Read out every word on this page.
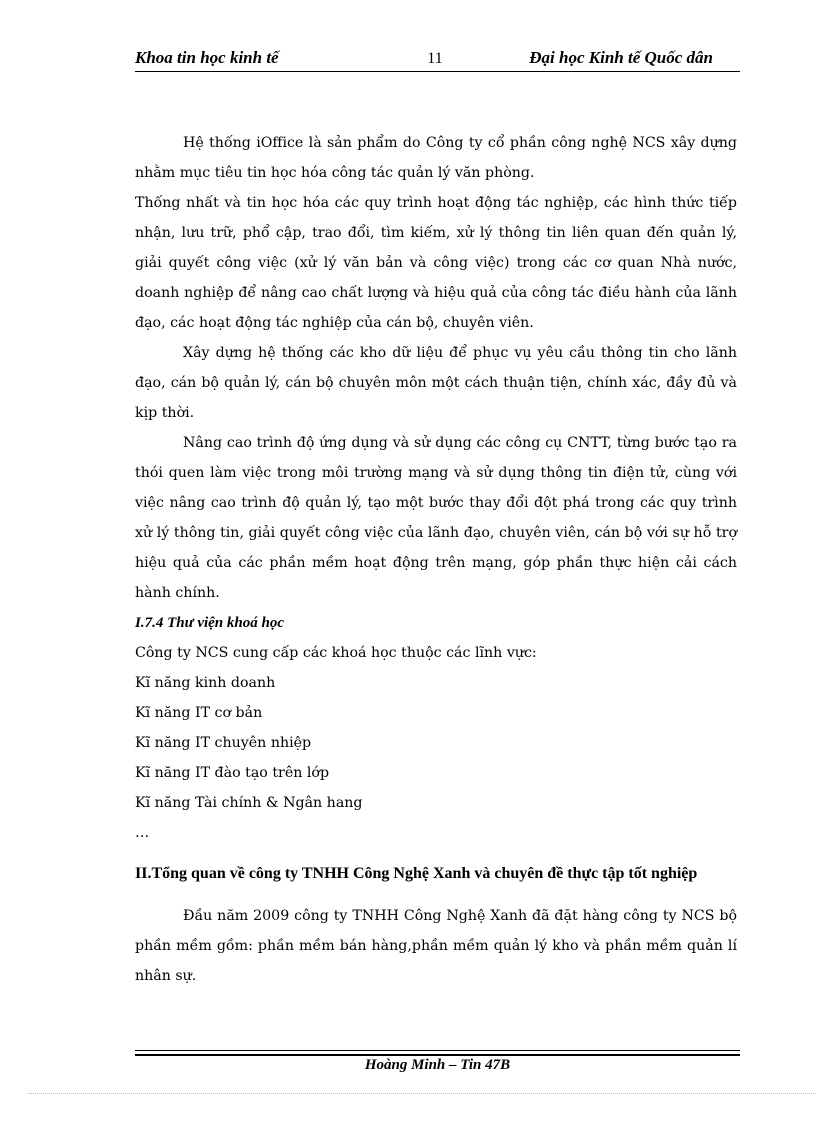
Khoa tin học kinh tế	11	Đại học Kinh tế Quốc dân

Hệ thống iOffice là sản phẩm do Công ty cổ phần công nghệ NCS xây dựng nhằm mục tiêu tin học hóa công tác quản lý văn phòng.

Thống nhất và tin học hóa các quy trình hoạt động tác nghiệp, các hình thức tiếp nhận, lưu trữ, phổ cập, trao đổi, tìm kiếm, xử lý thông tin liên quan đến quản lý, giải quyết công việc (xử lý văn bản và công việc) trong các cơ quan Nhà nước, doanh nghiệp để nâng cao chất lượng và hiệu quả của công tác điều hành của lãnh đạo, các hoạt động tác nghiệp của cán bộ, chuyên viên.

Xây dựng hệ thống các kho dữ liệu để phục vụ yêu cầu thông tin cho lãnh đạo, cán bộ quản lý, cán bộ chuyên môn một cách thuận tiện, chính xác, đầy đủ và kịp thời.

Nâng cao trình độ ứng dụng và sử dụng các công cụ CNTT, từng bước tạo ra thói quen làm việc trong môi trường mạng và sử dụng thông tin điện tử, cùng với việc nâng cao trình độ quản lý, tạo một bước thay đổi đột phá trong các quy trình xử lý thông tin, giải quyết công việc của lãnh đạo, chuyên viên, cán bộ với sự hỗ trợ hiệu quả của các phần mềm hoạt động trên mạng, góp phần thực hiện cải cách hành chính.

I.7.4 Thư viện khoá học

Công ty NCS cung cấp các khoá học thuộc các lĩnh vực:

Kĩ năng kinh doanh

Kĩ năng IT cơ bản

Kĩ năng IT chuyên nhiệp

Kĩ năng IT đào tạo trên lớp

Kĩ năng Tài chính & Ngân hang

…

II.Tổng quan về công ty TNHH Công Nghệ Xanh và chuyên đề thực tập tốt nghiệp

Đầu năm 2009 công ty TNHH Công Nghệ Xanh đã đặt hàng công ty NCS bộ phần mềm gồm: phần mềm bán hàng,phần mềm quản lý kho và phần mềm quản lí nhân sự.

Hoàng Minh – Tin 47B
